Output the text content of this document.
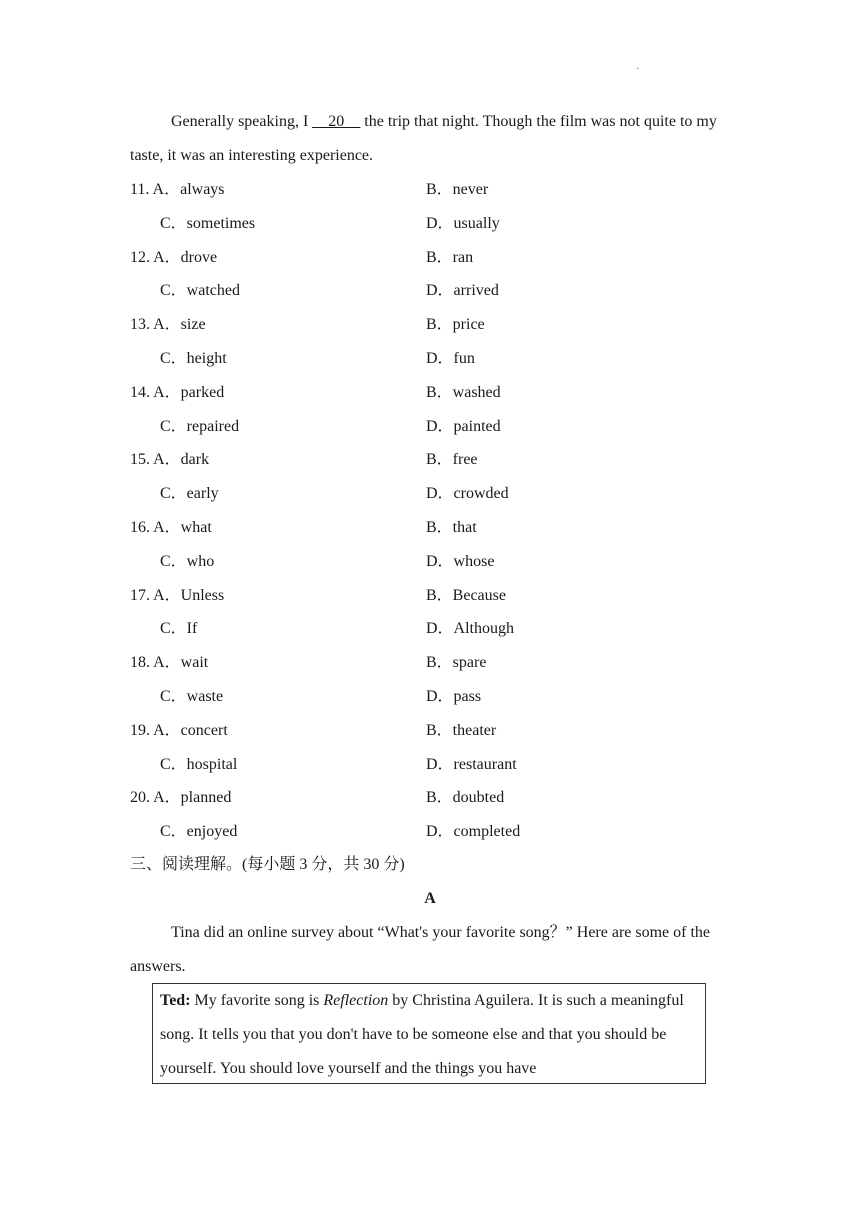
·

Generally speaking, I __20__ the trip that night. Though the film was not quite to my taste, it was an interesting experience.

11. A．always	B．never
C．sometimes	D．usually
12. A．drove	B．ran
C．watched	D．arrived
13. A．size	B．price
C．height	D．fun
14. A．parked	B．washed
C．repaired	D．painted
15. A．dark	B．free
C．early	D．crowded
16. A．what	B．that
C．who	D．whose
17. A．Unless	B．Because
C．If	D．Although
18. A．wait	B．spare
C．waste	D．pass
19. A．concert	B．theater
C．hospital	D．restaurant
20. A．planned	B．doubted
C．enjoyed	D．completed
三、阅读理解。(每小题 3 分，共 30 分)
A

Tina did an online survey about “What's your favorite song？” Here are some of the answers.

Ted: My favorite song is Reflection by Christina Aguilera. It is such a meaningful song. It tells you that you don't have to be someone else and that you should be yourself. You should love yourself and the things you have
